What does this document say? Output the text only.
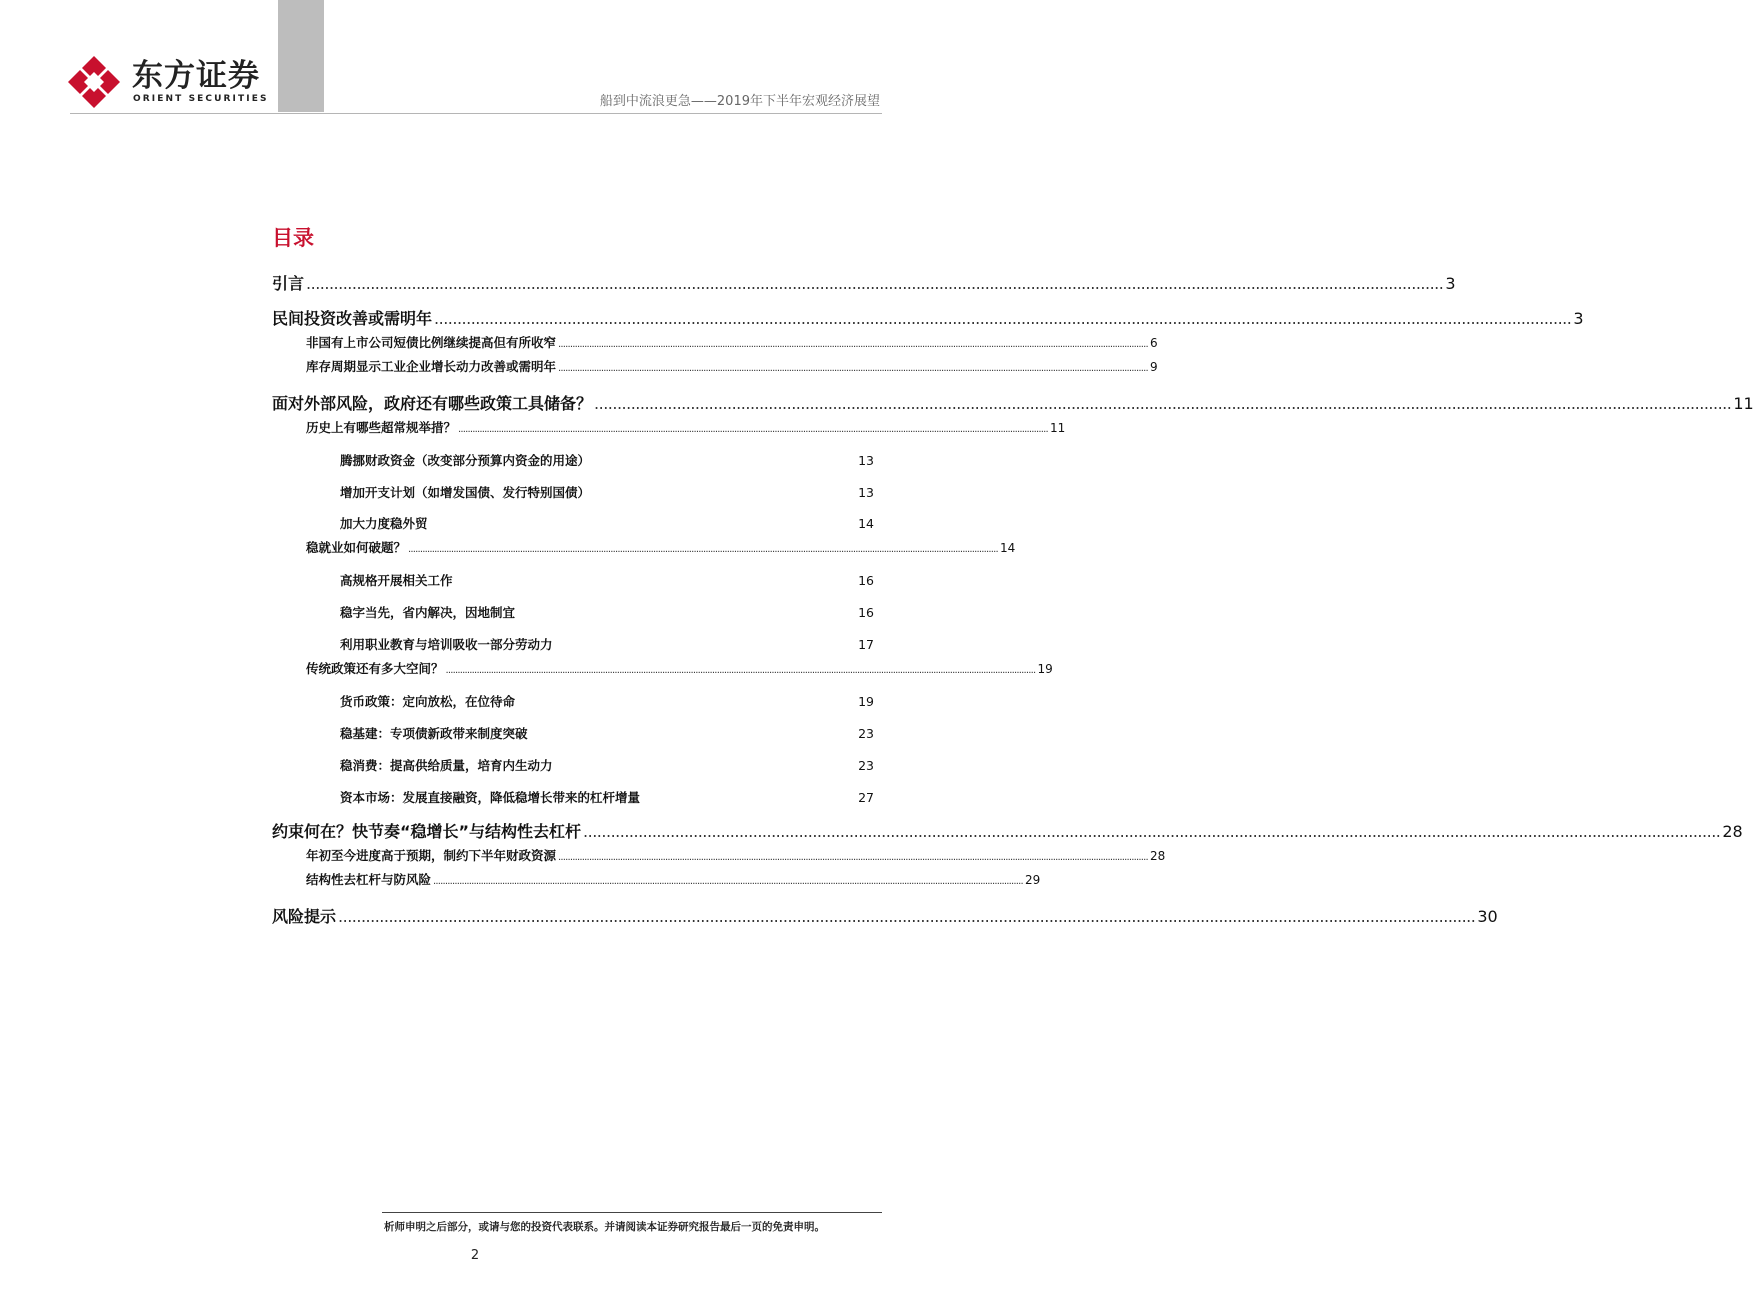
东方证券
ORIENT SECURITIES	船到中流浪更急——2019年下半年宏观经济展望
目录
引言 ........................................................................................................................................................................................................................................................ 3
民间投资改善或需明年 ........................................................................................................................................................................................................................................................ 3
非国有上市公司短债比例继续提高但有所收窄 ........................................................................................................................................................................................................................................................ 6
库存周期显示工业企业增长动力改善或需明年 ........................................................................................................................................................................................................................................................ 9
面对外部风险，政府还有哪些政策工具储备？ ........................................................................................................................................................................................................................................................ 11
历史上有哪些超常规举措？ ........................................................................................................................................................................................................................................................ 11
腾挪财政资金（改变部分预算内资金的用途）	13
增加开支计划（如增发国债、发行特别国债）	13
加大力度稳外贸	14
稳就业如何破题？ ........................................................................................................................................................................................................................................................ 14
高规格开展相关工作	16
稳字当先，省内解决，因地制宜	16
利用职业教育与培训吸收一部分劳动力	17
传统政策还有多大空间？ ........................................................................................................................................................................................................................................................ 19
货币政策：定向放松，在位待命	19
稳基建：专项债新政带来制度突破	23
稳消费：提高供给质量，培育内生动力	23
资本市场：发展直接融资，降低稳增长带来的杠杆增量	27
约束何在？快节奏“稳增长”与结构性去杠杆 ........................................................................................................................................................................................................................................................ 28
年初至今进度高于预期，制约下半年财政资源 ........................................................................................................................................................................................................................................................ 28
结构性去杠杆与防风险 ........................................................................................................................................................................................................................................................ 29
风险提示 ........................................................................................................................................................................................................................................................ 30
析师申明之后部分，或请与您的投资代表联系。并请阅读本证券研究报告最后一页的免责申明。
2
